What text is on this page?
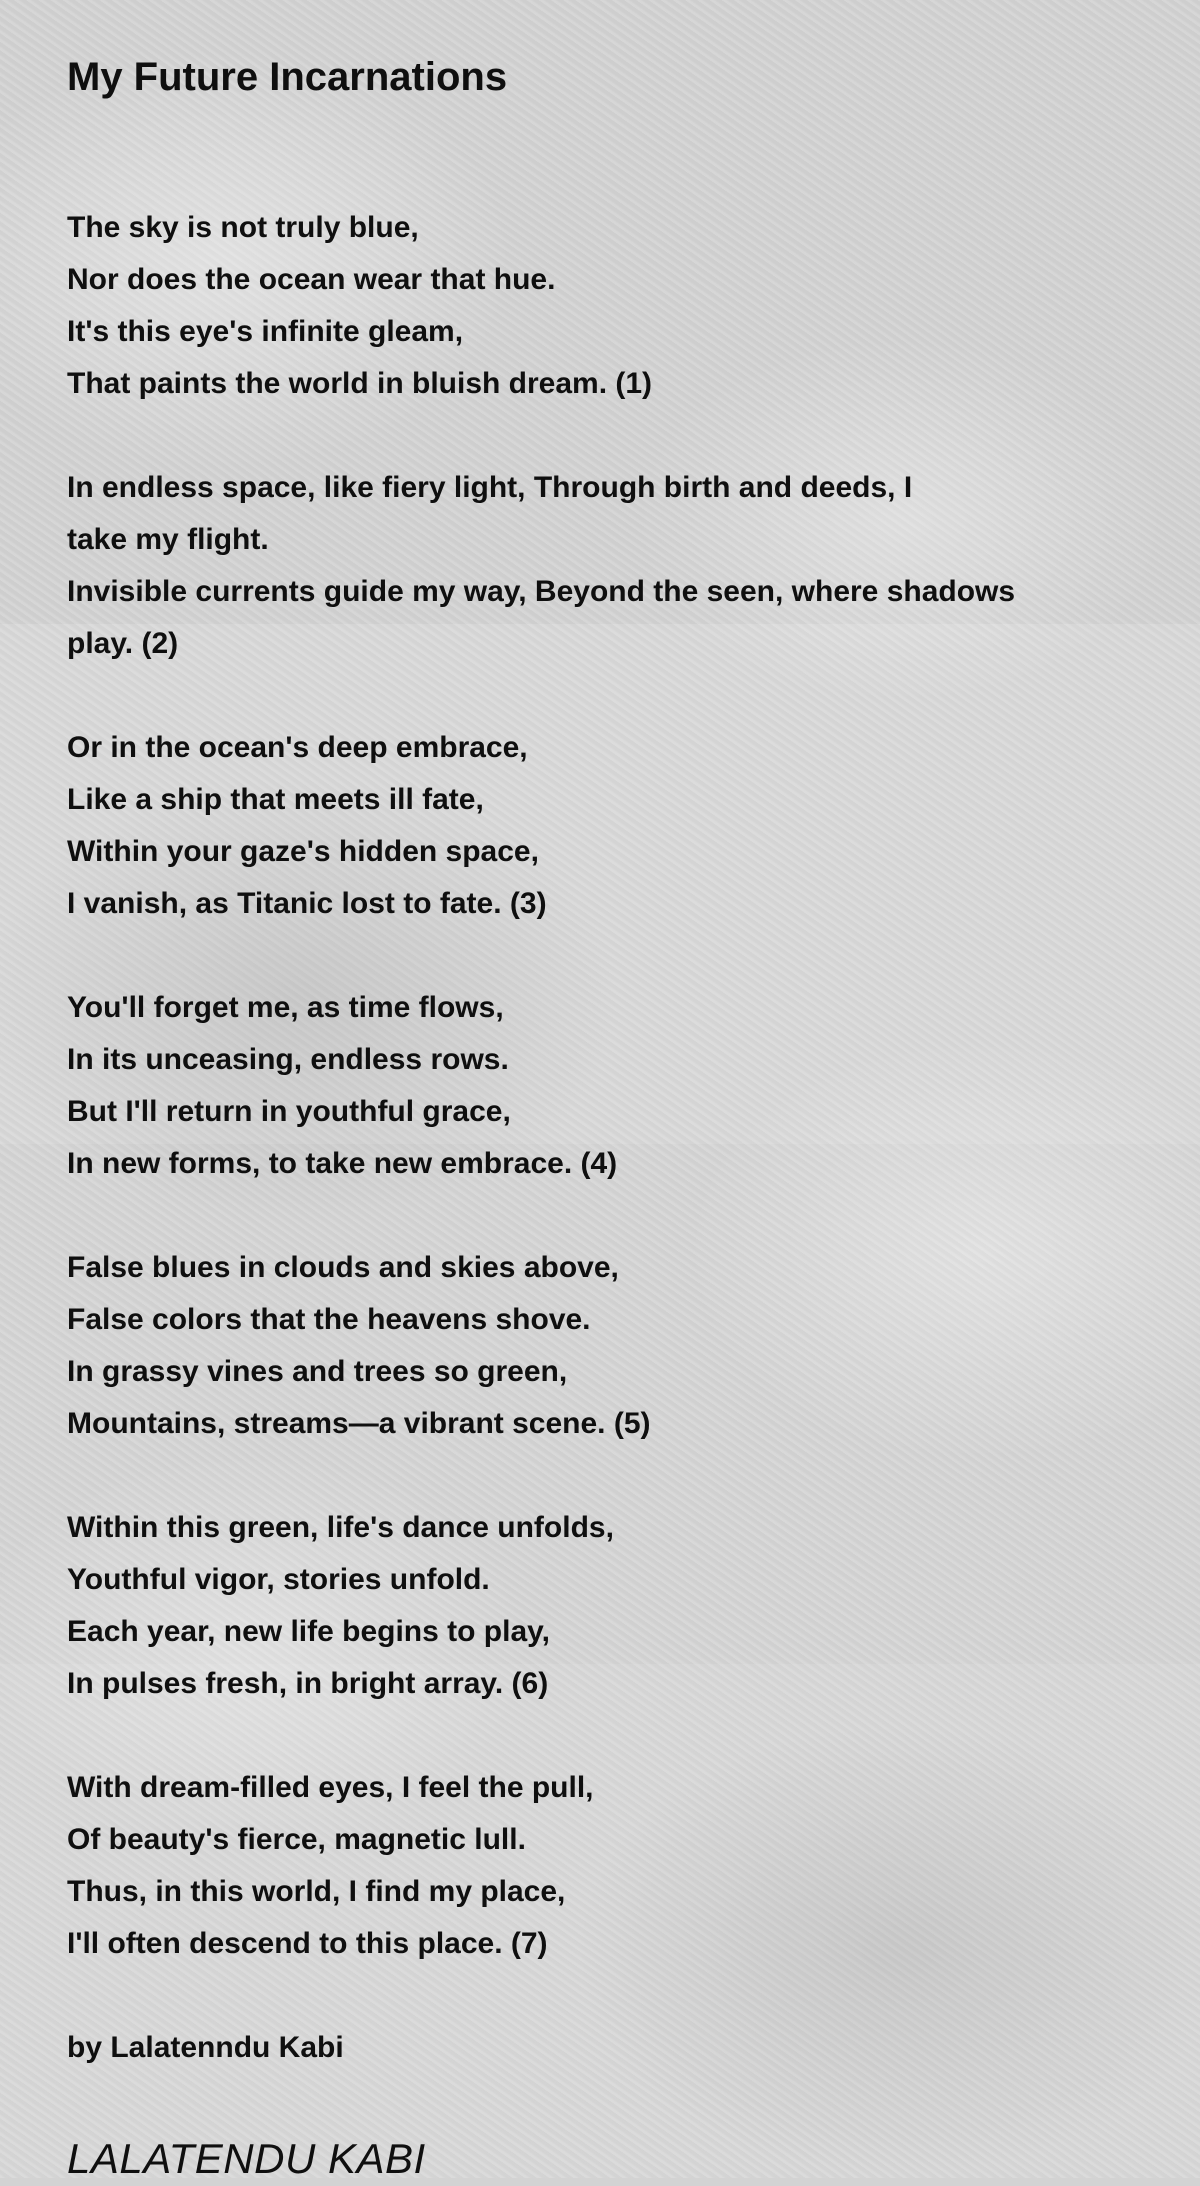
My Future Incarnations
The sky is not truly blue,
Nor does the ocean wear that hue.
It's this eye's infinite gleam,
That paints the world in bluish dream. (1)
In endless space, like fiery light, Through birth and deeds, I
take my flight.
Invisible currents guide my way, Beyond the seen, where shadows
play. (2)
Or in the ocean's deep embrace,
Like a ship that meets ill fate,
Within your gaze's hidden space,
I vanish, as Titanic lost to fate. (3)
You'll forget me, as time flows,
In its unceasing, endless rows.
But I'll return in youthful grace,
In new forms, to take new embrace. (4)
False blues in clouds and skies above,
False colors that the heavens shove.
In grassy vines and trees so green,
Mountains, streams—a vibrant scene. (5)
Within this green, life's dance unfolds,
Youthful vigor, stories unfold.
Each year, new life begins to play,
In pulses fresh, in bright array. (6)
With dream-filled eyes, I feel the pull,
Of beauty's fierce, magnetic lull.
Thus, in this world, I find my place,
I'll often descend to this place. (7)

by Lalatenndu Kabi

LALATENDU KABI
